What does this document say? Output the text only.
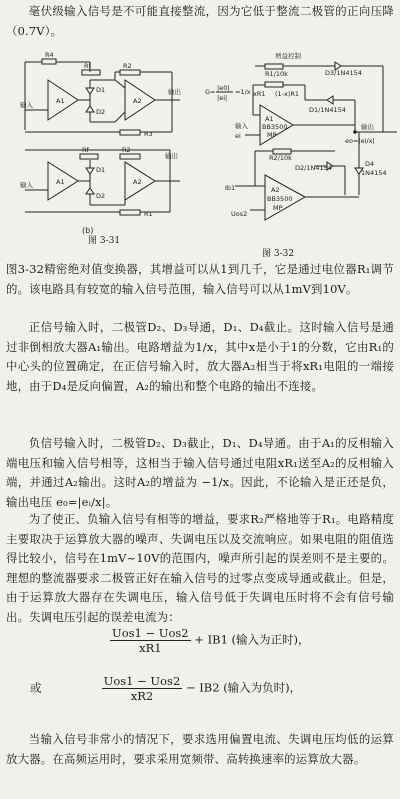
毫伏级输入信号是不可能直接整流，因为它低于整流二极管的正向压降（0.7V）。

R4
Rf	R2
A1	A2
D1
D2
输出
输入
R3
Rf	R2
A1	A2
D1
D2
输出
输入
R1
(b)
图 3-31
增益控制
G= |e0|
|ei|
=1/x
R1/10k	D3/1N4154
xR1 (1-x)R1
D1/1N4154
A1
BB3500
MP
输出
eo=|ei/x|
输入
ei
R2/10k
D2/1N4154	D4
1N4154
A2
BB3500
MP
Ib1
Uos2
图 3-32

图3-32精密绝对值变换器，其增益可以从1到几千，它是通过电位器R₁调节的。该电路具有较宽的输入信号范围，输入信号可以从1mV到10V。

正信号输入时，二极管D₂、D₃导通，D₁、D₄截止。这时输入信号是通过非倒相放大器A₁输出。电路增益为1/x，其中x是小于1的分数，它由R₁的中心头的位置确定，在正信号输入时，放大器A₂相当于将xR₁电阻的一端接地，由于D₄是反向偏置，A₂的输出和整个电路的输出不连接。

负信号输入时，二极管D₂、D₃截止，D₁、D₄导通。由于A₁的反相输入端电压和输入信号相等，这相当于输入信号通过电阻xR₁送至A₂的反相输入端，并通过A₂输出。这时A₂的增益为 −1/x。因此，不论输入是正还是负，输出电压 e₀=|eᵢ/x|。

为了使正、负输入信号有相等的增益，要求R₂严格地等于R₁。电路精度主要取决于运算放大器的噪声、失调电压以及交流响应。如果电阻的阻值选得比较小，信号在1mV~10V的范围内，噪声所引起的误差则不是主要的。理想的整流器要求二极管正好在输入信号的过零点变成导通或截止。但是，由于运算放大器存在失调电压，输入信号低于失调电压时将不会有信号输出。失调电压引起的误差电流为：

$\frac{\text{Uos1 − Uos2}}{xR1} + IB1$ (输入为正时)，
或	$\frac{\text{Uos1 − Uos2}}{xR2} - IB2$ (输入为负时)，

当输入信号非常小的情况下，要求选用偏置电流、失调电压均低的运算放大器。在高频运用时，要求采用宽频带、高转换速率的运算放大器。
